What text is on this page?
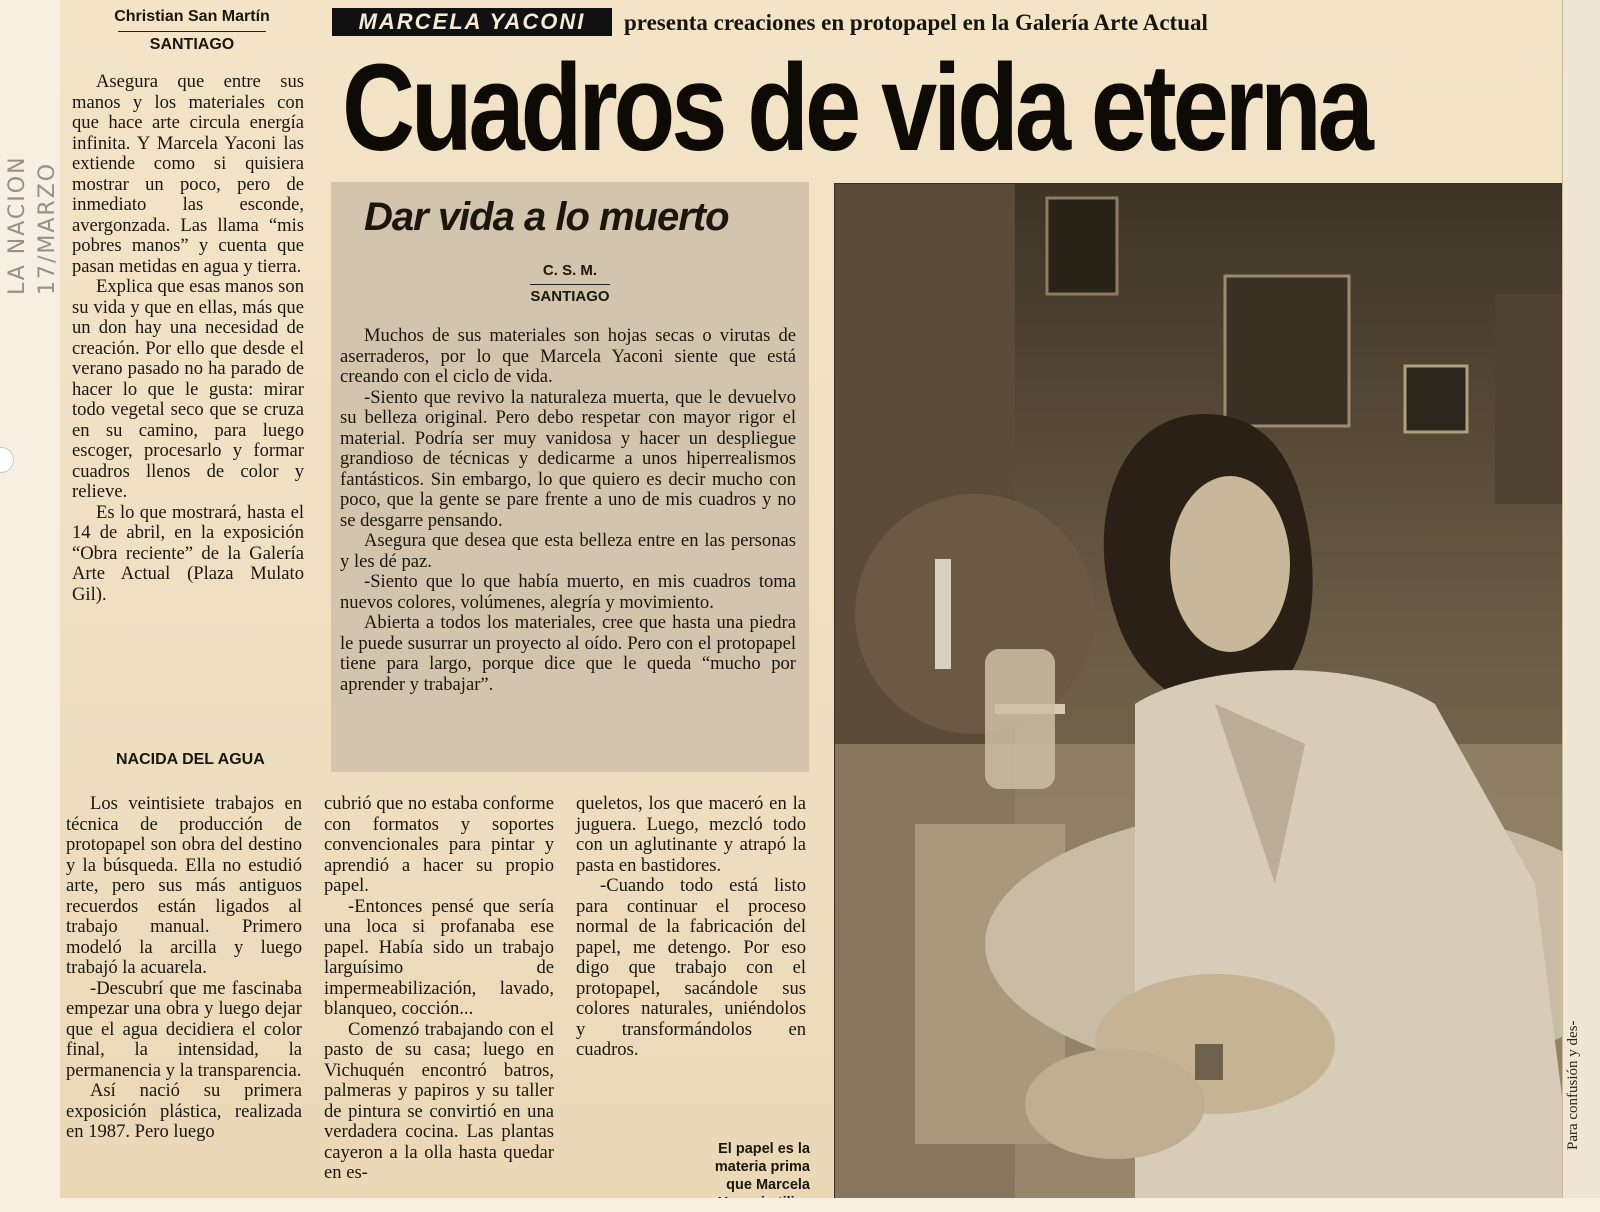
LA NACION 17/MARZO
Christian San Martín
SANTIAGO
MARCELA YACONI	presenta creaciones en protopapel en la Galería Arte Actual
Cuadros de vida eterna

Asegura que entre sus manos y los materiales con que hace arte circula energía infinita. Y Marcela Yaconi las extiende como si quisiera mostrar un poco, pero de inmediato las esconde, avergonzada. Las llama “mis pobres manos” y cuenta que pasan metidas en agua y tierra.

Explica que esas manos son su vida y que en ellas, más que un don hay una necesidad de creación. Por ello que desde el verano pasado no ha parado de hacer lo que le gusta: mirar todo vegetal seco que se cruza en su camino, para luego escoger, procesarlo y formar cuadros llenos de color y relieve.

Es lo que mostrará, hasta el 14 de abril, en la exposición “Obra reciente” de la Galería Arte Actual (Plaza Mulato Gil).

NACIDA DEL AGUA

Los veintisiete trabajos en técnica de producción de protopapel son obra del destino y la búsqueda. Ella no estudió arte, pero sus más antiguos recuerdos están ligados al trabajo manual. Primero modeló la arcilla y luego trabajó la acuarela.

-Descubrí que me fascinaba empezar una obra y luego dejar que el agua decidiera el color final, la intensidad, la permanencia y la transparencia.

Así nació su primera exposición plástica, realizada en 1987. Pero luego

cubrió que no estaba conforme con formatos y soportes convencionales para pintar y aprendió a hacer su propio papel.

-Entonces pensé que sería una loca si profanaba ese papel. Había sido un trabajo larguísimo de impermeabilización, lavado, blanqueo, cocción...

Comenzó trabajando con el pasto de su casa; luego en Vichuquén encontró batros, palmeras y papiros y su taller de pintura se convirtió en una verdadera cocina. Las plantas cayeron a la olla hasta quedar en es-

queletos, los que maceró en la juguera. Luego, mezcló todo con un aglutinante y atrapó la pasta en bastidores.

-Cuando todo está listo para continuar el proceso normal de la fabricación del papel, me detengo. Por eso digo que trabajo con el protopapel, sacándole sus colores naturales, uniéndolos y transformándolos en cuadros.

Dar vida a lo muerto
C. S. M.
SANTIAGO

Muchos de sus materiales son hojas secas o virutas de aserraderos, por lo que Marcela Yaconi siente que está creando con el ciclo de vida.

-Siento que revivo la naturaleza muerta, que le devuelvo su belleza original. Pero debo respetar con mayor rigor el material. Podría ser muy vanidosa y hacer un despliegue grandioso de técnicas y dedicarme a unos hiperrealismos fantásticos. Sin embargo, lo que quiero es decir mucho con poco, que la gente se pare frente a uno de mis cuadros y no se desgarre pensando.

Asegura que desea que esta belleza entre en las personas y les dé paz.

-Siento que lo que había muerto, en mis cuadros toma nuevos colores, volúmenes, alegría y movimiento.

Abierta a todos los materiales, cree que hasta una piedra le puede susurrar un proyecto al oído. Pero con el protopapel tiene para largo, porque dice que le queda “mucho por aprender y trabajar”.

El papel es la materia prima que Marcela
Para confusión y des-
